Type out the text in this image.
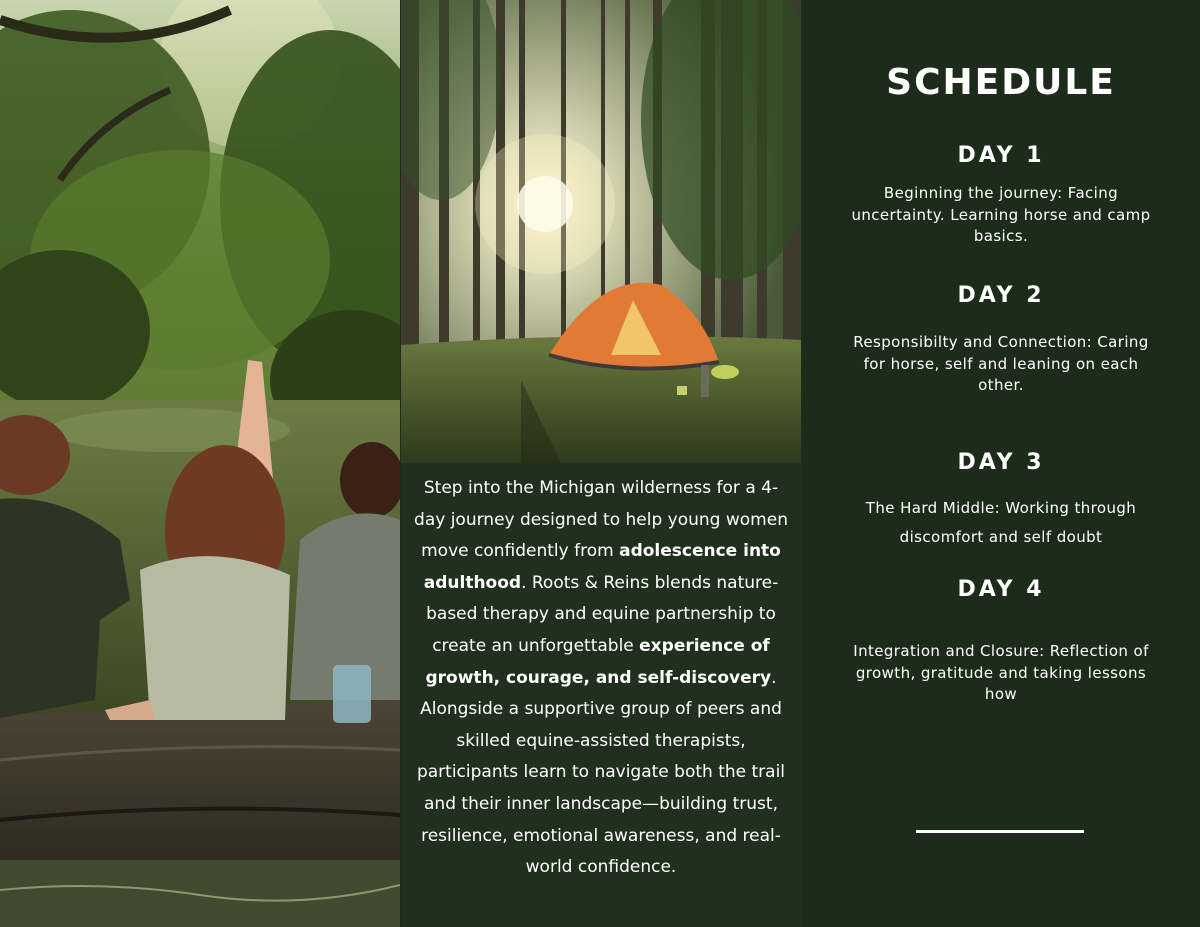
Step into the Michigan wilderness for a 4-day journey designed to help young women move confidently from adolescence into adulthood. Roots & Reins blends nature-based therapy and equine partnership to create an unforgettable experience of growth, courage, and self-discovery. Alongside a supportive group of peers and skilled equine-assisted therapists, participants learn to navigate both the trail and their inner landscape—building trust, resilience, emotional awareness, and real-world confidence.

SCHEDULE
DAY 1

Beginning the journey: Facing uncertainty. Learning horse and camp basics.

DAY 2

Responsibilty and Connection: Caring for horse, self and leaning on each other.

DAY 3

The Hard Middle: Working through discomfort and self doubt

DAY 4

Integration and Closure: Reflection of growth, gratitude and taking lessons how
